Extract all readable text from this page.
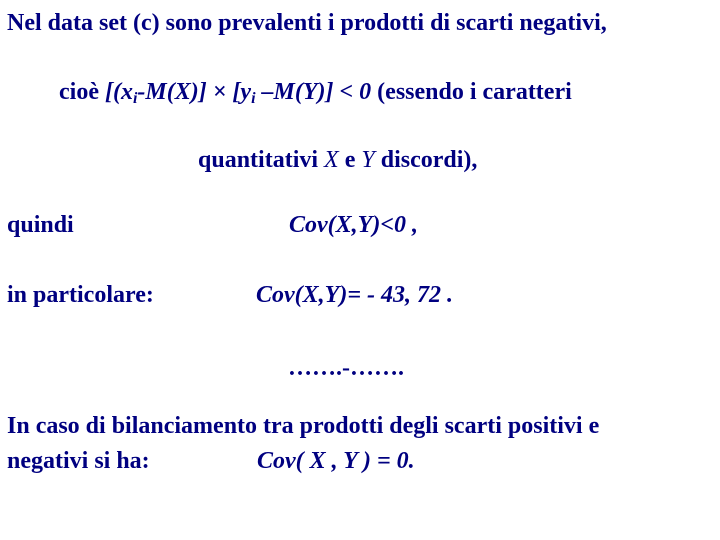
Nel data set (c) sono prevalenti i prodotti di scarti negativi,
cioè [$(x_i-M(X)] \times [y_i$ –M(Y)] < 0 (essendo i caratteri
quantitativi X e Y discordi),
quindi	Cov(X,Y)<0 ,
in particolare:	Cov(X,Y)= - 43, 72 .
…….-…….
In caso di bilanciamento tra prodotti degli scarti positivi e
negativi si ha:	Cov( X , Y ) = 0.
